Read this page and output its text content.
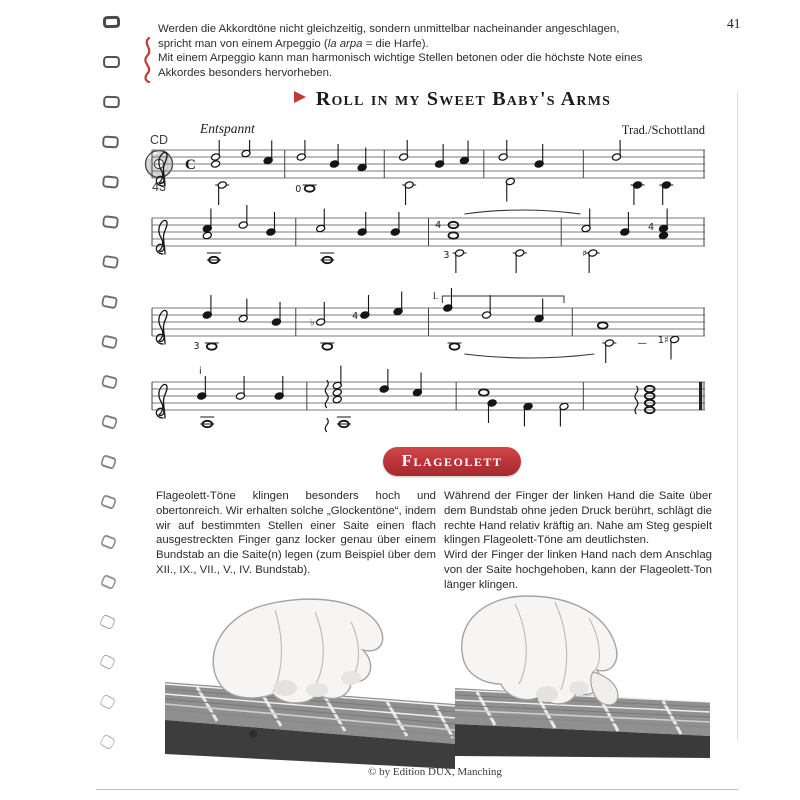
41
Werden die Akkordtöne nicht gleichzeitig, sondern unmittelbar nacheinander angeschlagen,
spricht man von einem Arpeggio (la arpa = die Harfe).
Mit einem Arpeggio kann man harmonisch wichtige Stellen betonen oder die höchste Note eines
Akkordes besonders hervorheben.
Roll in my Sweet Baby's Arms
Entspannt	Trad./Schottland
CD
43
C
0
♯
4
3
4
♭
1♯
3
4
I.
—
i
Flageolett
Flageolett-Töne klingen besonders hoch und obertonreich. Wir erhalten solche „Glockentöne“, indem wir auf bestimmten Stellen einer Saite einen flach ausgestreckten Finger ganz locker genau über einem Bundstab an die Saite(n) legen (zum Beispiel über dem XII., IX., VII., V., IV. Bundstab).

Während der Finger der linken Hand die Saite über dem Bundstab ohne jeden Druck berührt, schlägt die rechte Hand relativ kräftig an. Nahe am Steg gespielt klingen Flageolett-Töne am deutlichsten.

Wird der Finger der linken Hand nach dem Anschlag von der Saite hochgehoben, kann der Flageolett-Ton länger klingen.

© by Edition DUX, Manching
